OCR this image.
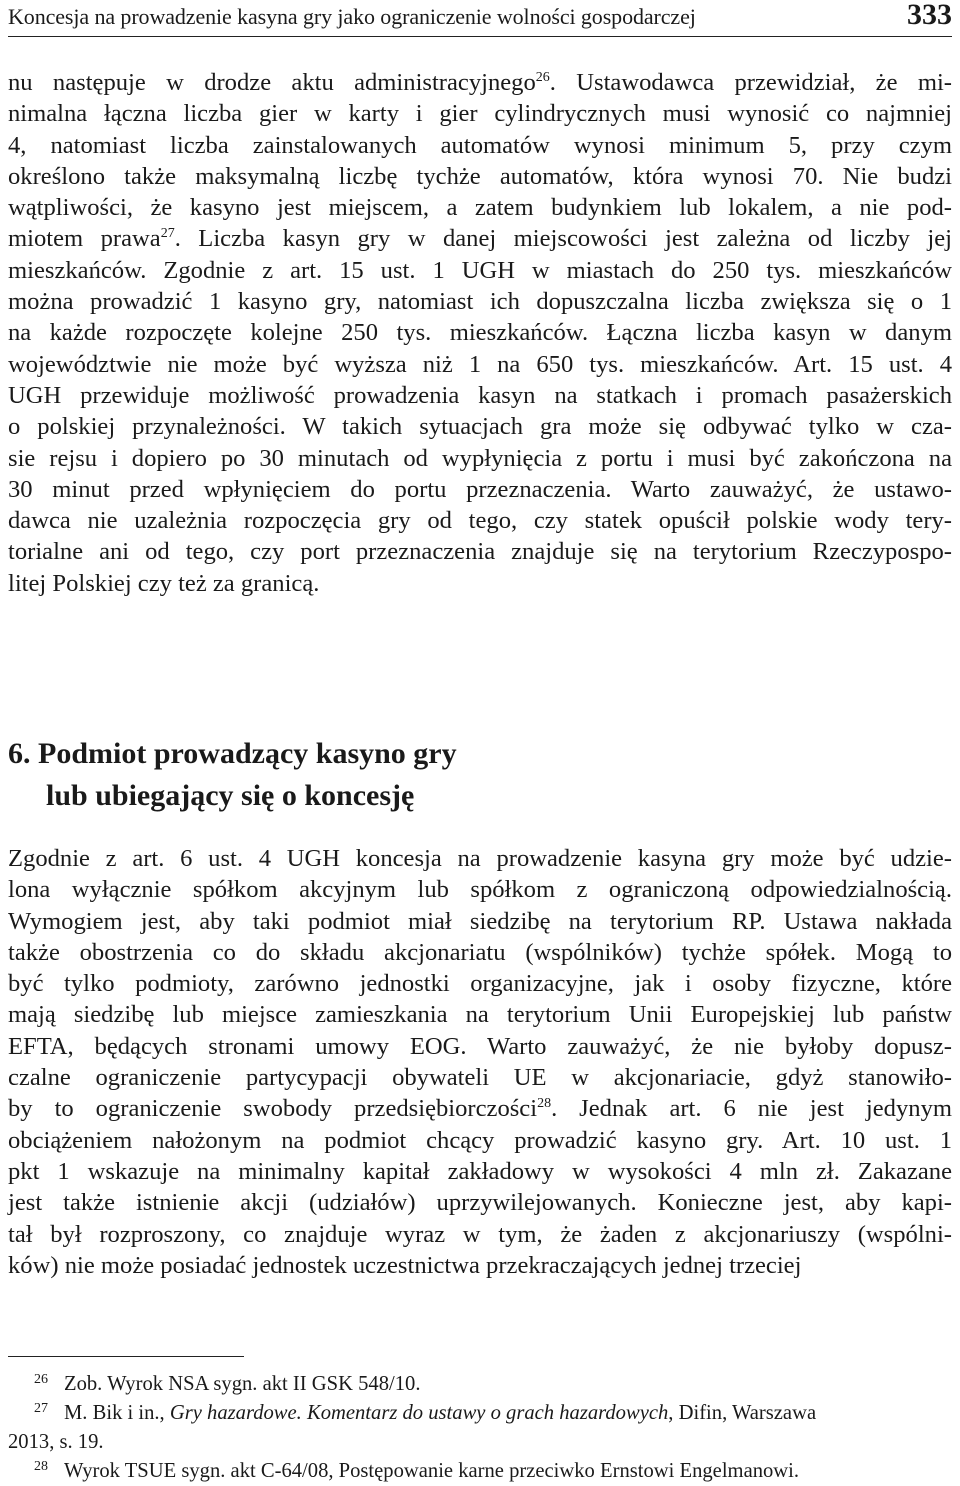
Koncesja na prowadzenie kasyna gry jako ograniczenie wolności gospodarczej	333

nu następuje w drodze aktu administracyjnego$^{26}$. Ustawodawca przewidział, że mi-
nimalna łączna liczba gier w karty i gier cylindrycznych musi wynosić co najmniej
4, natomiast liczba zainstalowanych automatów wynosi minimum 5, przy czym
określono także maksymalną liczbę tychże automatów, która wynosi 70. Nie budzi
wątpliwości, że kasyno jest miejscem, a zatem budynkiem lub lokalem, a nie pod-
miotem prawa$^{27}$. Liczba kasyn gry w danej miejscowości jest zależna od liczby jej
mieszkańców. Zgodnie z art. 15 ust. 1 UGH w miastach do 250 tys. mieszkańców
można prowadzić 1 kasyno gry, natomiast ich dopuszczalna liczba zwiększa się o 1
na każde rozpoczęte kolejne 250 tys. mieszkańców. Łączna liczba kasyn w danym
województwie nie może być wyższa niż 1 na 650 tys. mieszkańców. Art. 15 ust. 4
UGH przewiduje możliwość prowadzenia kasyn na statkach i promach pasażerskich
o polskiej przynależności. W takich sytuacjach gra może się odbywać tylko w cza-
sie rejsu i dopiero po 30 minutach od wypłynięcia z portu i musi być zakończona na
30 minut przed wpłynięciem do portu przeznaczenia. Warto zauważyć, że ustawo-
dawca nie uzależnia rozpoczęcia gry od tego, czy statek opuścił polskie wody tery-
torialne ani od tego, czy port przeznaczenia znajduje się na terytorium Rzeczypospo-
litej Polskiej czy też za granicą.

6. Podmiot prowadzący kasyno gry
lub ubiegający się o koncesję

Zgodnie z art. 6 ust. 4 UGH koncesja na prowadzenie kasyna gry może być udzie-
lona wyłącznie spółkom akcyjnym lub spółkom z ograniczoną odpowiedzialnością.
Wymogiem jest, aby taki podmiot miał siedzibę na terytorium RP. Ustawa nakłada
także obostrzenia co do składu akcjonariatu (wspólników) tychże spółek. Mogą to
być tylko podmioty, zarówno jednostki organizacyjne, jak i osoby fizyczne, które
mają siedzibę lub miejsce zamieszkania na terytorium Unii Europejskiej lub państw
EFTA, będących stronami umowy EOG. Warto zauważyć, że nie byłoby dopusz-
czalne ograniczenie partycypacji obywateli UE w akcjonariacie, gdyż stanowiło-
by to ograniczenie swobody przedsiębiorczości$^{28}$. Jednak art. 6 nie jest jedynym
obciążeniem nałożonym na podmiot chcący prowadzić kasyno gry. Art. 10 ust. 1
pkt 1 wskazuje na minimalny kapitał zakładowy w wysokości 4 mln zł. Zakazane
jest także istnienie akcji (udziałów) uprzywilejowanych. Konieczne jest, aby kapi-
tał był rozproszony, co znajduje wyraz w tym, że żaden z akcjonariuszy (wspólni-
ków) nie może posiadać jednostek uczestnictwa przekraczających jednej trzeciej

26 Zob. Wyrok NSA sygn. akt II GSK 548/10.
27 M. Bik i in., Gry hazardowe. Komentarz do ustawy o grach hazardowych, Difin, Warszawa
2013, s. 19.
28 Wyrok TSUE sygn. akt C-64/08, Postępowanie karne przeciwko Ernstowi Engelmanowi.
